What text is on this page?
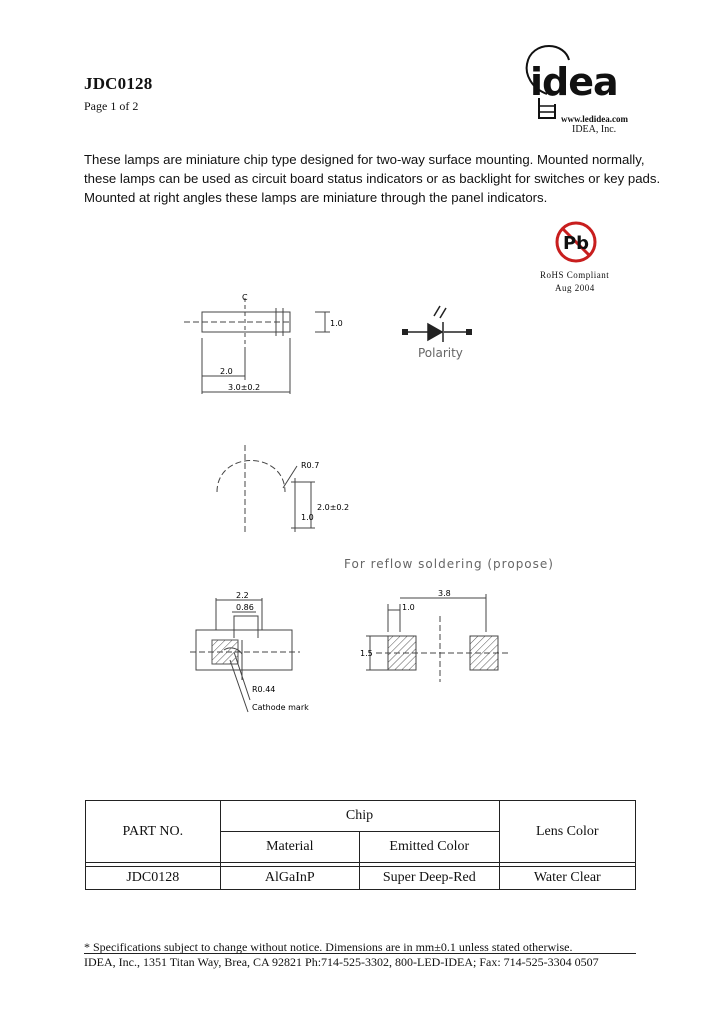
JDC0128
Page 1 of 2
idea
www.ledidea.com
IDEA, Inc.
These lamps are miniature chip type designed for two-way surface mounting. Mounted normally,
these lamps can be used as circuit board status indicators or as backlight for switches or key pads.
Mounted at right angles these lamps are miniature through the panel indicators.
Pb
RoHS Compliant
Aug 2004
C
2.0
3.0±0.2
1.0
Polarity
R0.7
2.0±0.2
1.0
For reflow soldering (propose)
2.2
0.86
R0.44
Cathode mark
1.0
3.8
1.5
PART NO.	Chip		Lens Color
	Material	Emitted Color	

JDC0128	AlGaInP	Super Deep-Red	Water Clear
* Specifications subject to change without notice. Dimensions are in mm±0.1 unless stated otherwise.
IDEA, Inc., 1351 Titan Way, Brea, CA 92821 Ph:714-525-3302, 800-LED-IDEA; Fax: 714-525-3304 0507
